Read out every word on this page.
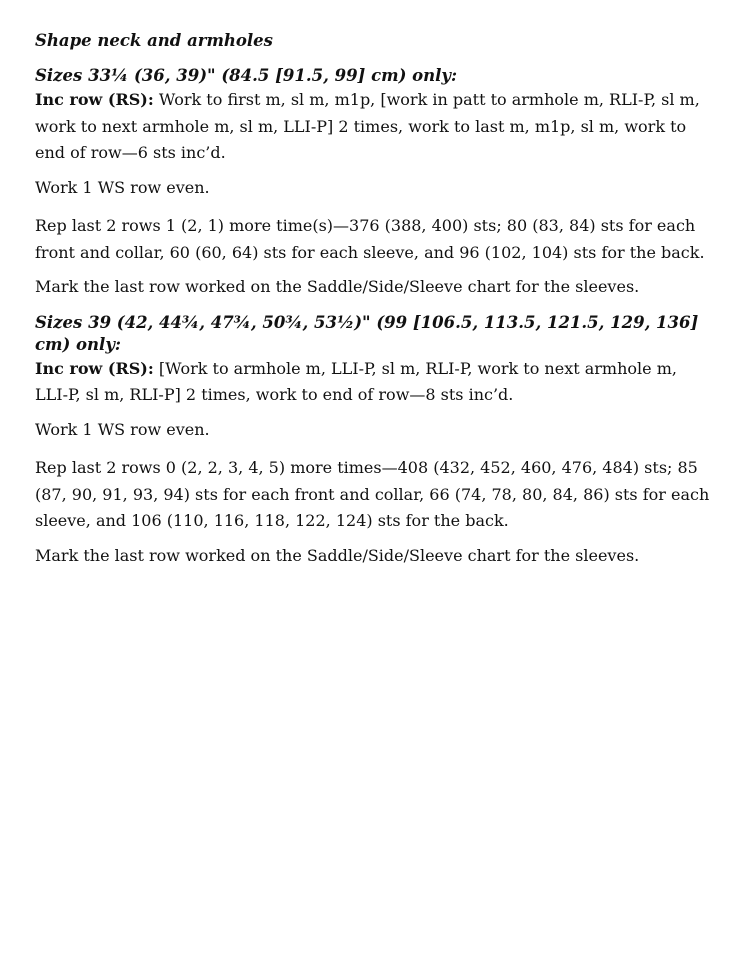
Shape neck and armholes
Sizes 33¼ (36, 39)" (84.5 [91.5, 99] cm) only:

Inc row (RS): Work to first m, sl m, m1p, [work in patt to armhole m, RLI-P, sl m, work to next armhole m, sl m, LLI-P] 2 times, work to last m, m1p, sl m, work to end of row—6 sts inc’d.

Work 1 WS row even.

Rep last 2 rows 1 (2, 1) more time(s)—376 (388, 400) sts; 80 (83, 84) sts for each front and collar, 60 (60, 64) sts for each sleeve, and 96 (102, 104) sts for the back.

Mark the last row worked on the Saddle/Side/Sleeve chart for the sleeves.

Sizes 39 (42, 44¾, 47¾, 50¾, 53½)" (99 [106.5, 113.5, 121.5, 129, 136] cm) only:

Inc row (RS): [Work to armhole m, LLI-P, sl m, RLI-P, work to next armhole m, LLI-P, sl m, RLI-P] 2 times, work to end of row—8 sts inc’d.

Work 1 WS row even.

Rep last 2 rows 0 (2, 2, 3, 4, 5) more times—408 (432, 452, 460, 476, 484) sts; 85 (87, 90, 91, 93, 94) sts for each front and collar, 66 (74, 78, 80, 84, 86) sts for each sleeve, and 106 (110, 116, 118, 122, 124) sts for the back.

Mark the last row worked on the Saddle/Side/Sleeve chart for the sleeves.
